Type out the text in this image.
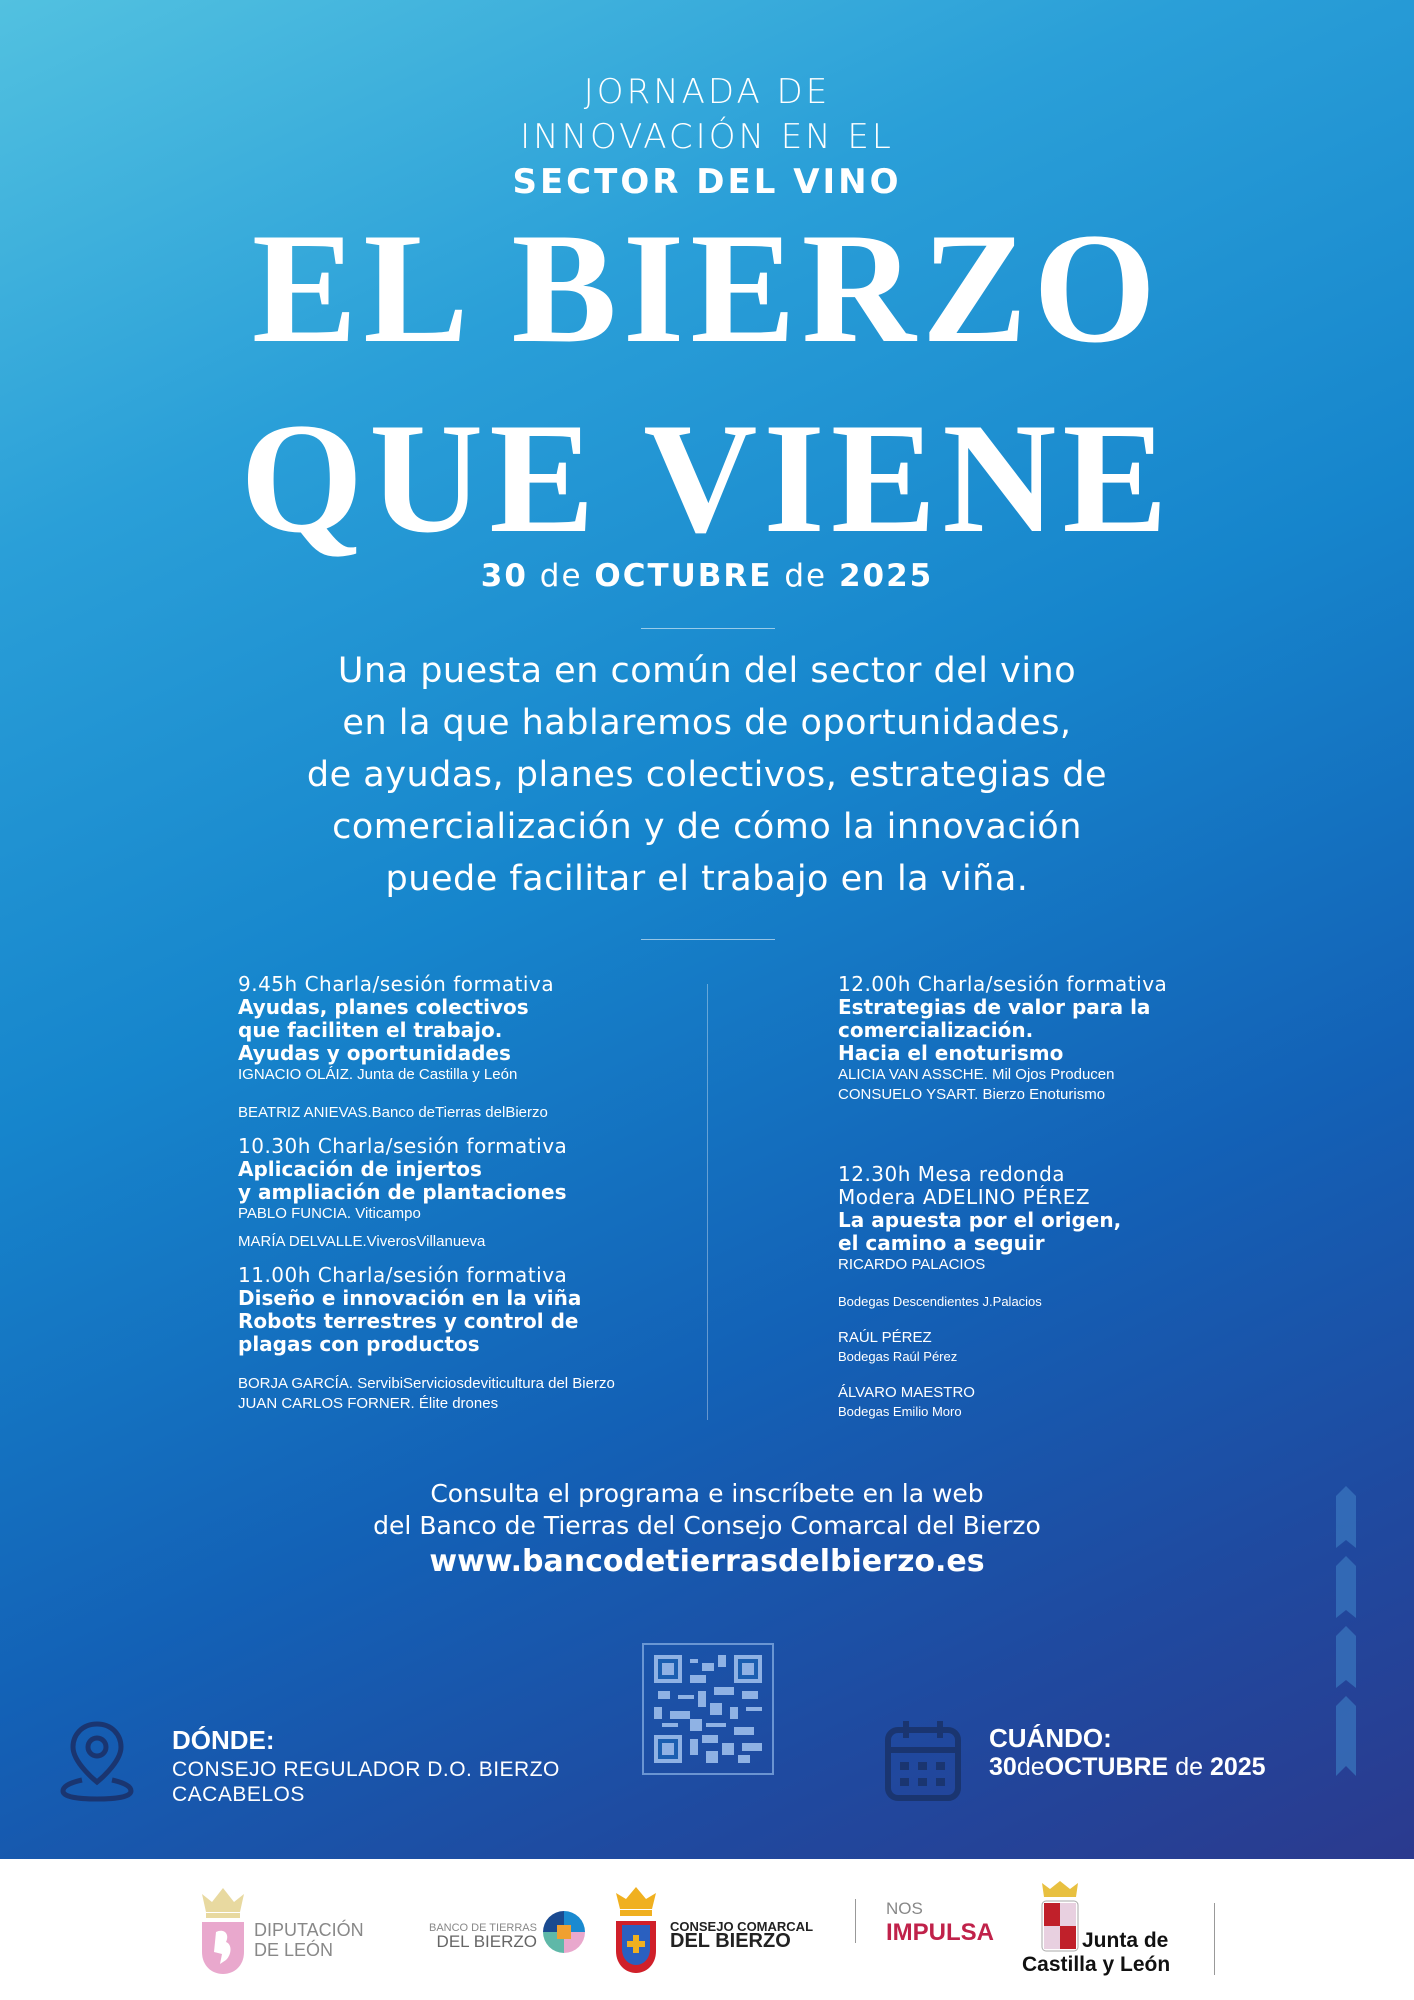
JORNADA DE
INNOVACIÓN EN EL
SECTOR DEL VINO
EL BIERZO
QUE VIENE
30 de OCTUBRE de 2025
Una puesta en común del sector del vino
en la que hablaremos de oportunidades,
de ayudas, planes colectivos, estrategias de
comercialización y de cómo la innovación
puede facilitar el trabajo en la viña.
9.45h Charla/sesión formativa
Ayudas, planes colectivos
que faciliten el trabajo.
Ayudas y oportunidades
IGNACIO OLÁIZ. Junta de Castilla y León
BEATRIZ ANIEVAS.Banco deTierras delBierzo
10.30h Charla/sesión formativa
Aplicación de injertos
y ampliación de plantaciones
PABLO FUNCIA. Viticampo
MARÍA DELVALLE.ViverosVillanueva
11.00h Charla/sesión formativa
Diseño e innovación en la viña
Robots terrestres y control de
plagas con productos
BORJA GARCÍA. ServibiServiciosdeviticultura del Bierzo
JUAN CARLOS FORNER. Élite drones
12.00h Charla/sesión formativa
Estrategias de valor para la
comercialización.
Hacia el enoturismo
ALICIA VAN ASSCHE. Mil Ojos Producen
CONSUELO YSART. Bierzo Enoturismo
12.30h Mesa redonda
Modera ADELINO PÉREZ
La apuesta por el origen,
el camino a seguir
RICARDO PALACIOS
Bodegas Descendientes J.Palacios
RAÚL PÉREZ
Bodegas Raúl Pérez
ÁLVARO MAESTRO
Bodegas Emilio Moro
Consulta el programa e inscríbete en la web
del Banco de Tierras del Consejo Comarcal del Bierzo
www.bancodetierrasdelbierzo.es
DÓNDE:
CONSEJO REGULADOR D.O. BIERZO
CACABELOS
CUÁNDO:
30deOCTUBRE de 2025
DIPUTACIÓN
DE LEÓN
BANCO DE TIERRAS
DEL BIERZO
CONSEJO COMARCAL
DEL BIERZO
NOS
IMPULSA	Junta de
Castilla y León
